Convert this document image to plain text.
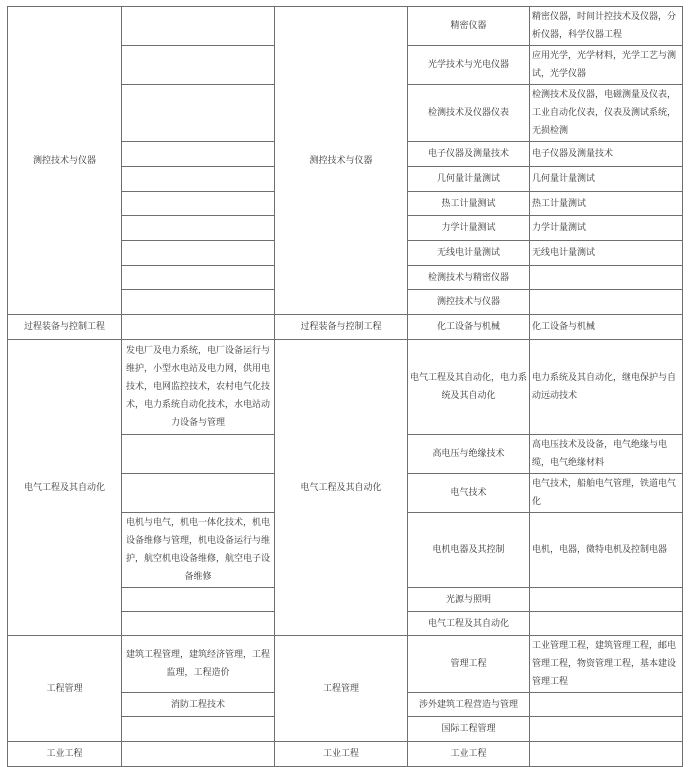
测控技术与仪器		测控技术与仪器	精密仪器	精密仪器，时间计控技术及仪器，分析仪器，科学仪器工程
			光学技术与光电仪器	应用光学，光学材料，光学工艺与测试，光学仪器
			检测技术及仪器仪表	检测技术及仪器，电磁测量及仪表，工业自动化仪表，仪表及测试系统，无损检测
			电子仪器及测量技术	电子仪器及测量技术
			几何量计量测试	几何量计量测试
			热工计量测试	热工计量测试
			力学计量测试	力学计量测试
			无线电计量测试	无线电计量测试
			检测技术与精密仪器	
			测控技术与仪器	
过程装备与控制工程		过程装备与控制工程	化工设备与机械	化工设备与机械
电气工程及其自动化	发电厂及电力系统，电厂设备运行与维护，小型水电站及电力网，供用电技术，电网监控技术，农村电气化技术，电力系统自动化技术，水电站动力设备与管理	电气工程及其自动化	电气工程及其自动化，电力系统及其自动化	电力系统及其自动化，继电保护与自动远动技术
			高电压与绝缘技术	高电压技术及设备，电气绝缘与电缆，电气绝缘材料
			电气技术	电气技术，船舶电气管理，铁道电气化
	电机与电气，机电一体化技术，机电设备维修与管理，机电设备运行与维护，航空机电设备维修，航空电子设备维修		电机电器及其控制	电机，电器，微特电机及控制电器
			光源与照明	
			电气工程及其自动化	
工程管理	建筑工程管理，建筑经济管理，工程监理，工程造价	工程管理	管理工程	工业管理工程，建筑管理工程，邮电管理工程，物资管理工程，基本建设管理工程
	消防工程技术		涉外建筑工程营造与管理	
			国际工程管理	
工业工程		工业工程	工业工程	
